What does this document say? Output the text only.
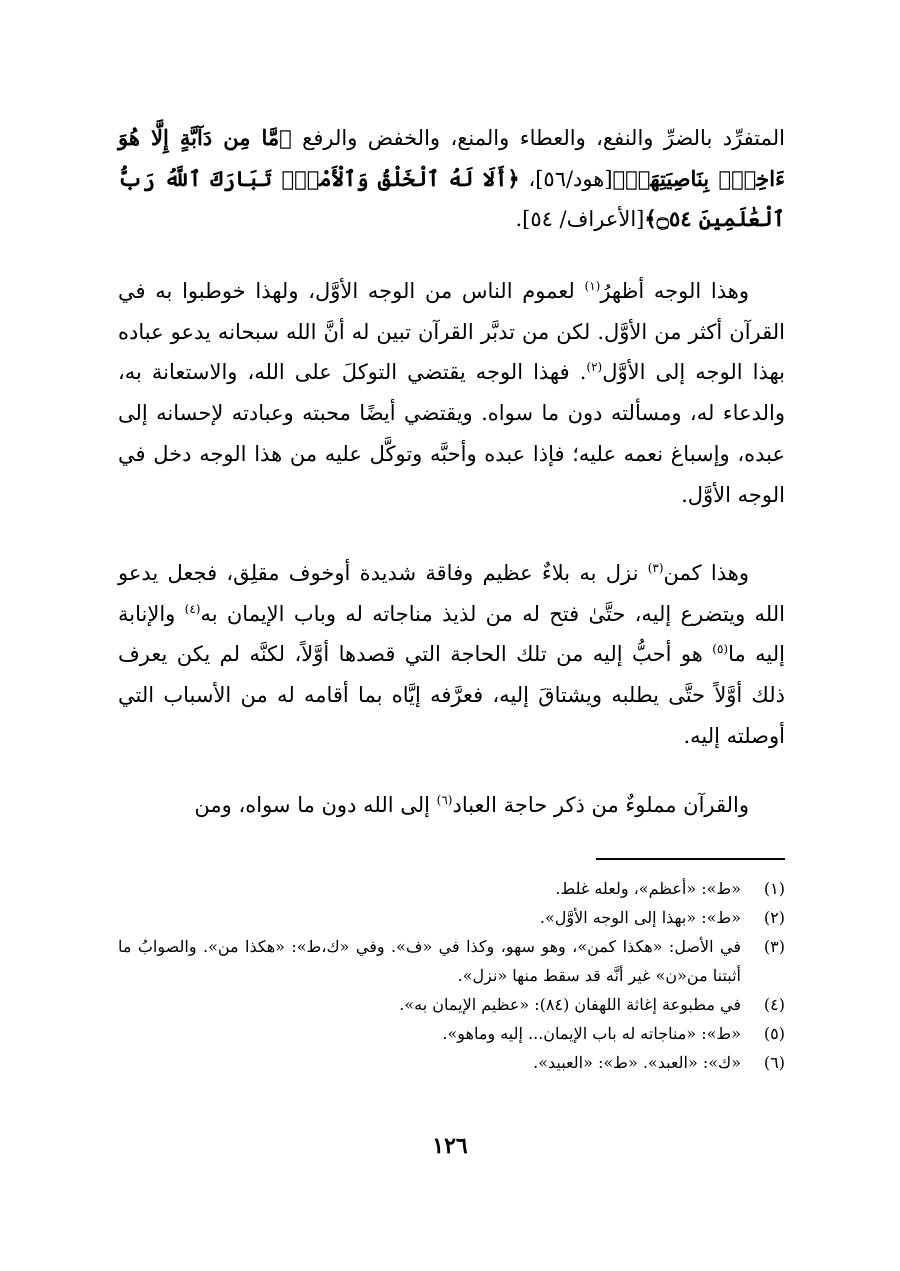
المتفرِّد بالضرِّ والنفع، والعطاء والمنع، والخفض والرفع ﴿مَّا مِن دَآبَّةٍ إِلَّا هُوَ ءَاخِذُۢ بِنَاصِيَتِهَآۚ﴾[هود/٥٦]، ﴿أَلَا لَهُ ٱلْخَلْقُ وَٱلْأَمْرُۗ تَبَارَكَ ٱللَّهُ رَبُّ ٱلْعَٰلَمِينَ ۝٥٤﴾[الأعراف/ ٥٤].

وهذا الوجه أظهرُ$^{(١)}$ لعموم الناس من الوجه الأوَّل، ولهذا خوطبوا به في القرآن أكثر من الأوَّل. لكن من تدبَّر القرآن تبين له أنَّ الله سبحانه يدعو عباده بهذا الوجه إلى الأوَّل$^{(٢)}$. فهذا الوجه يقتضي التوكلَ على الله، والاستعانة به، والدعاء له، ومسألته دون ما سواه. ويقتضي أيضًا محبته وعبادته لإحسانه إلى عبده، وإسباغ نعمه عليه؛ فإذا عبده وأحبَّه وتوكَّل عليه من هذا الوجه دخل في الوجه الأوَّل.

وهذا كمن$^{(٣)}$ نزل به بلاءٌ عظيم وفاقة شديدة أوخوف مقلِق، فجعل يدعو الله ويتضرع إليه، حتَّىٰ فتح له من لذيذ مناجاته له وباب الإيمان به$^{(٤)}$ والإنابة إليه ما$^{(٥)}$ هو أحبُّ إليه من تلك الحاجة التي قصدها أوَّلاً، لكنَّه لم يكن يعرف ذلك أوَّلاً حتَّى يطلبه ويشتاقَ إليه، فعرَّفه إيَّاه بما أقامه له من الأسباب التي أوصلته إليه.

والقرآن مملوءٌ من ذكر حاجة العباد$^{(٦)}$ إلى الله دون ما سواه، ومن

(١)
«ط»: «أعظم»، ولعله غلط.
(٢)
«ط»: «بهذا إلى الوجه الأوَّل».
(٣)
في الأصل: «هكذا كمن»، وهو سهو، وكذا في «ف». وفي «ك،ط»: «هكذا من». والصوابُ ما أثبتنا من«ن» غير أنَّه قد سقط منها «نزل».
(٤)
في مطبوعة إغاثة اللهفان (٨٤): «عظيم الإيمان به».
(٥)
«ط»: «مناجاته له باب الإيمان... إليه وماهو».
(٦)
«ك»: «العبد». «ط»: «العبيد».
١٢٦
